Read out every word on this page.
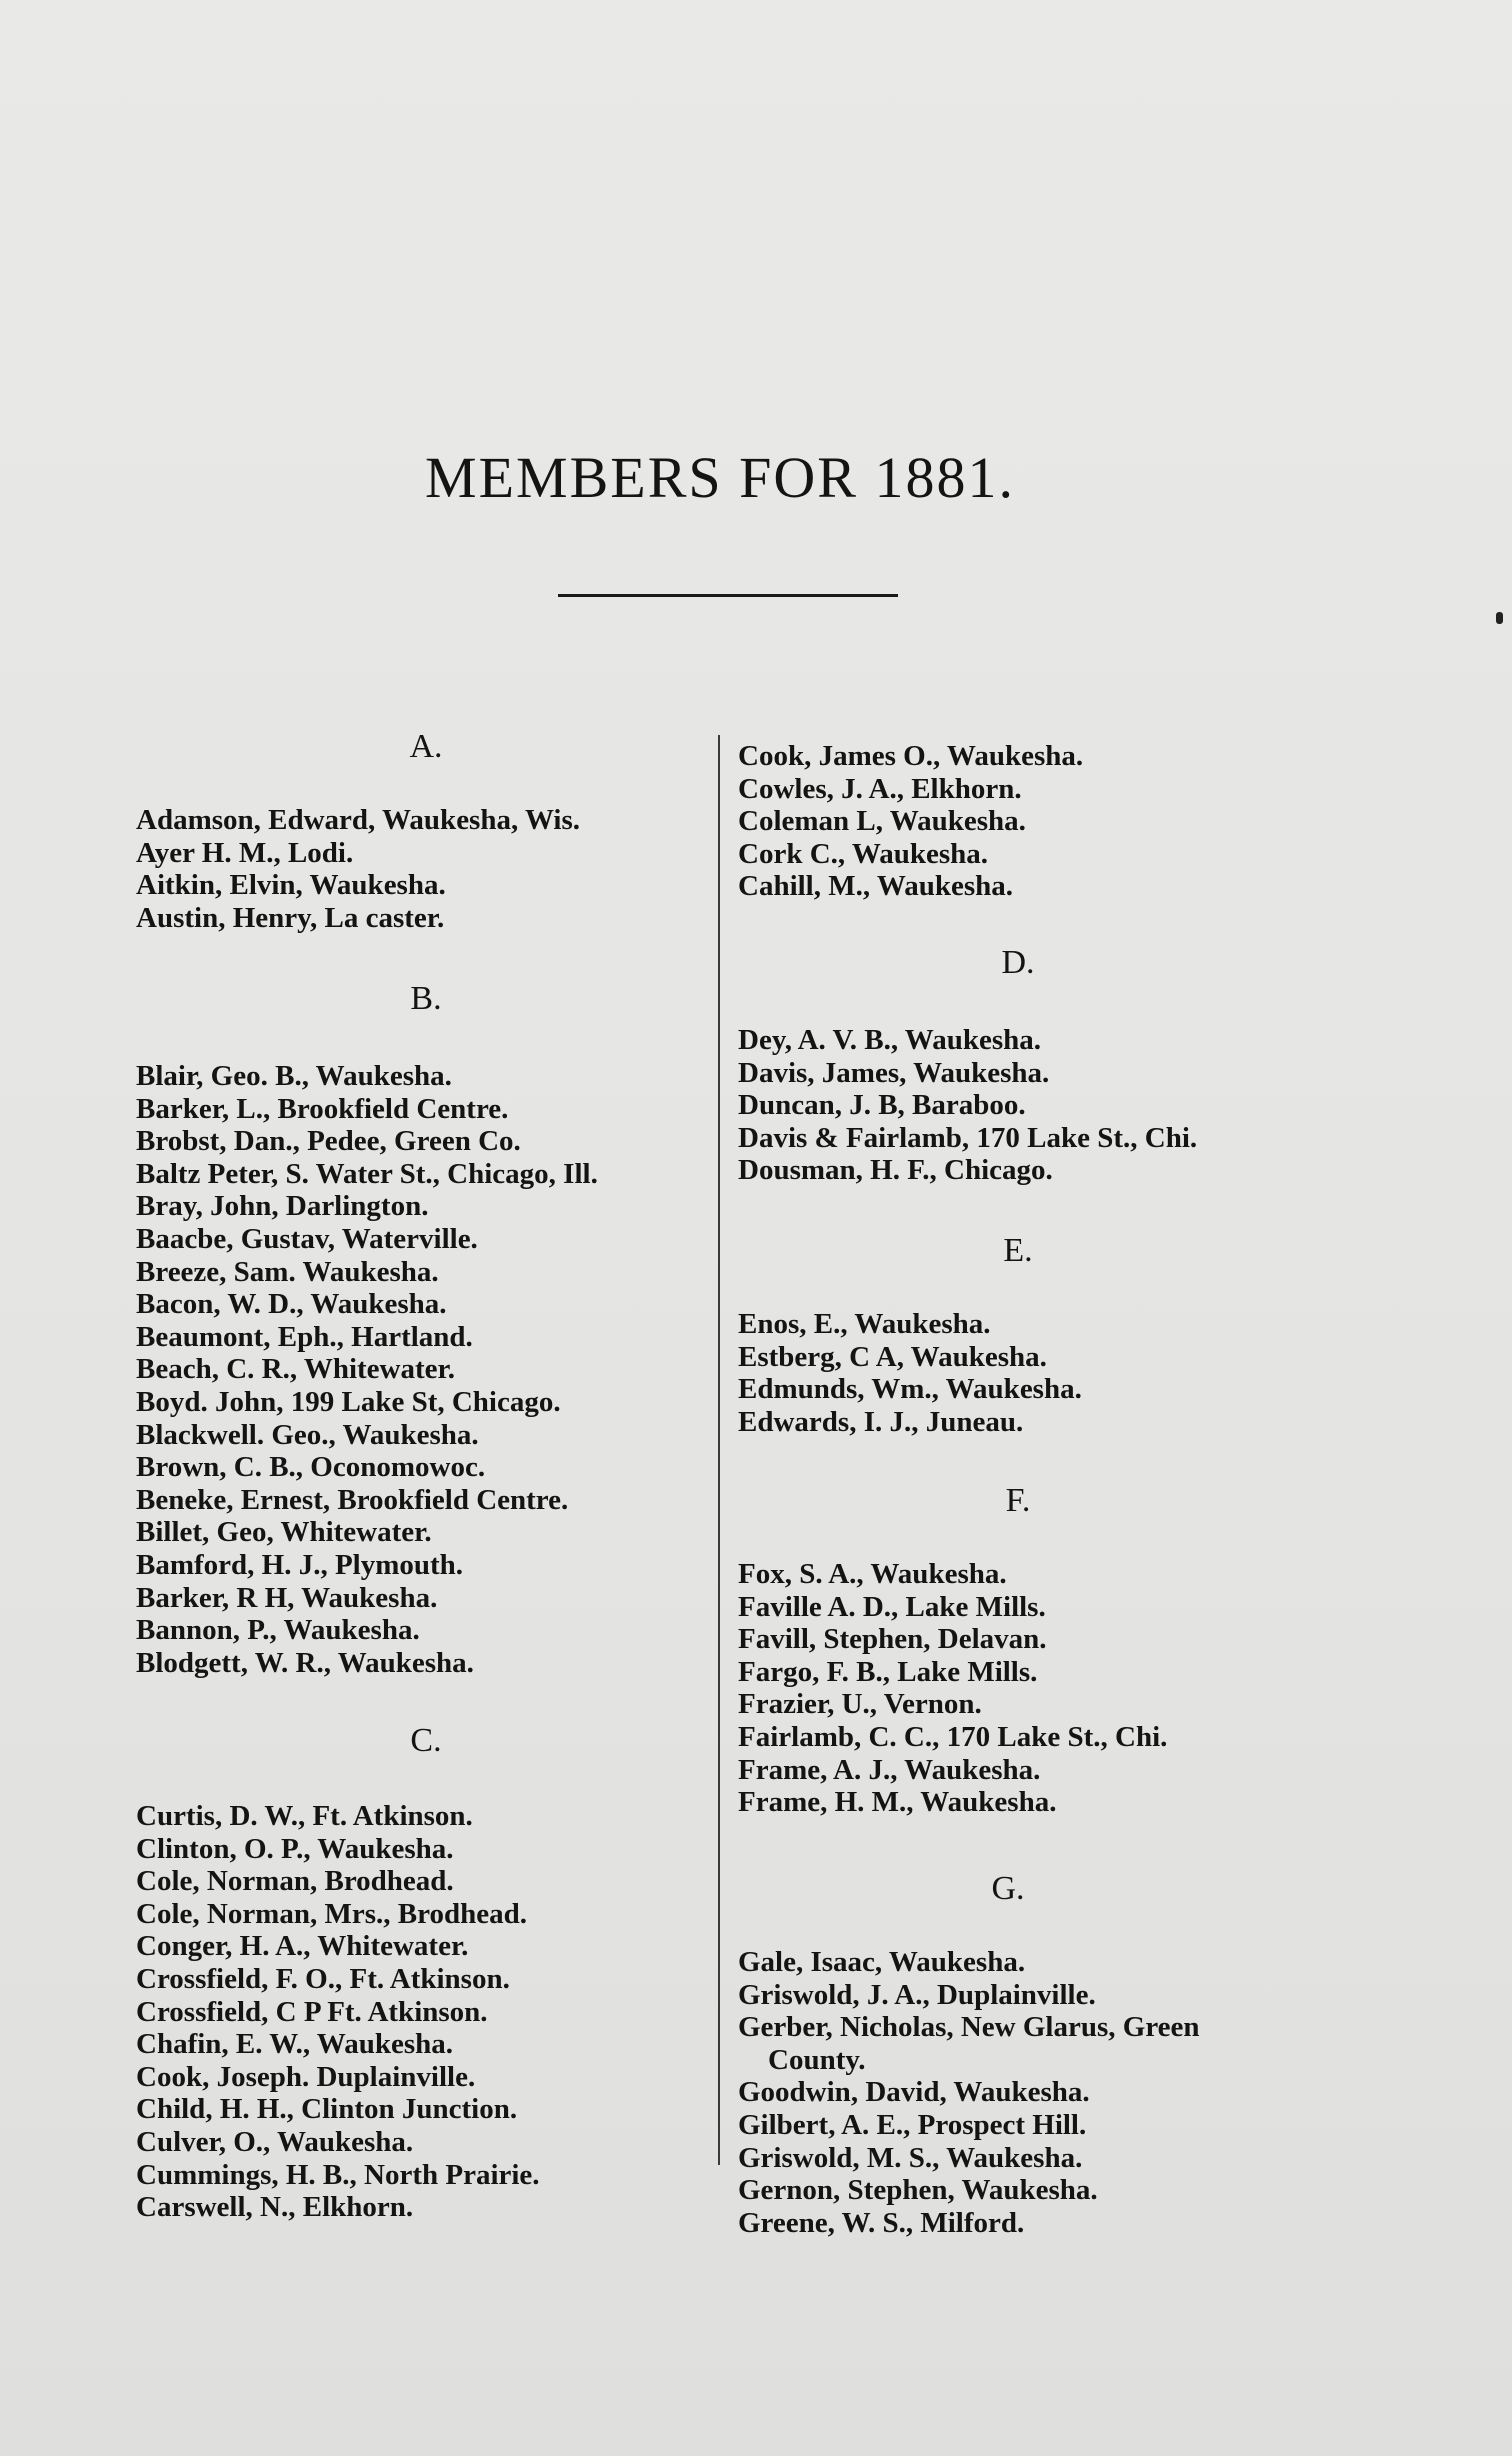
MEMBERS FOR 1881.
A.
Adamson, Edward, Waukesha, Wis.
Ayer H. M., Lodi.
Aitkin, Elvin, Waukesha.
Austin, Henry, La caster.
B.
Blair, Geo. B., Waukesha.
Barker, L., Brookfield Centre.
Brobst, Dan., Pedee, Green Co.
Baltz Peter, S. Water St., Chicago, Ill.
Bray, John, Darlington.
Baacbe, Gustav, Waterville.
Breeze, Sam. Waukesha.
Bacon, W. D., Waukesha.
Beaumont, Eph., Hartland.
Beach, C. R., Whitewater.
Boyd. John, 199 Lake St, Chicago.
Blackwell. Geo., Waukesha.
Brown, C. B., Oconomowoc.
Beneke, Ernest, Brookfield Centre.
Billet, Geo, Whitewater.
Bamford, H. J., Plymouth.
Barker, R H, Waukesha.
Bannon, P., Waukesha.
Blodgett, W. R., Waukesha.
C.
Curtis, D. W., Ft. Atkinson.
Clinton, O. P., Waukesha.
Cole, Norman, Brodhead.
Cole, Norman, Mrs., Brodhead.
Conger, H. A., Whitewater.
Crossfield, F. O., Ft. Atkinson.
Crossfield, C P Ft. Atkinson.
Chafin, E. W., Waukesha.
Cook, Joseph. Duplainville.
Child, H. H., Clinton Junction.
Culver, O., Waukesha.
Cummings, H. B., North Prairie.
Carswell, N., Elkhorn.
Cook, James O., Waukesha.
Cowles, J. A., Elkhorn.
Coleman L, Waukesha.
Cork C., Waukesha.
Cahill, M., Waukesha.
D.
Dey, A. V. B., Waukesha.
Davis, James, Waukesha.
Duncan, J. B, Baraboo.
Davis & Fairlamb, 170 Lake St., Chi.
Dousman, H. F., Chicago.
E.
Enos, E., Waukesha.
Estberg, C A, Waukesha.
Edmunds, Wm., Waukesha.
Edwards, I. J., Juneau.
F.
Fox, S. A., Waukesha.
Faville A. D., Lake Mills.
Favill, Stephen, Delavan.
Fargo, F. B., Lake Mills.
Frazier, U., Vernon.
Fairlamb, C. C., 170 Lake St., Chi.
Frame, A. J., Waukesha.
Frame, H. M., Waukesha.
G.
Gale, Isaac, Waukesha.
Griswold, J. A., Duplainville.
Gerber, Nicholas, New Glarus, Green
County.
Goodwin, David, Waukesha.
Gilbert, A. E., Prospect Hill.
Griswold, M. S., Waukesha.
Gernon, Stephen, Waukesha.
Greene, W. S., Milford.
